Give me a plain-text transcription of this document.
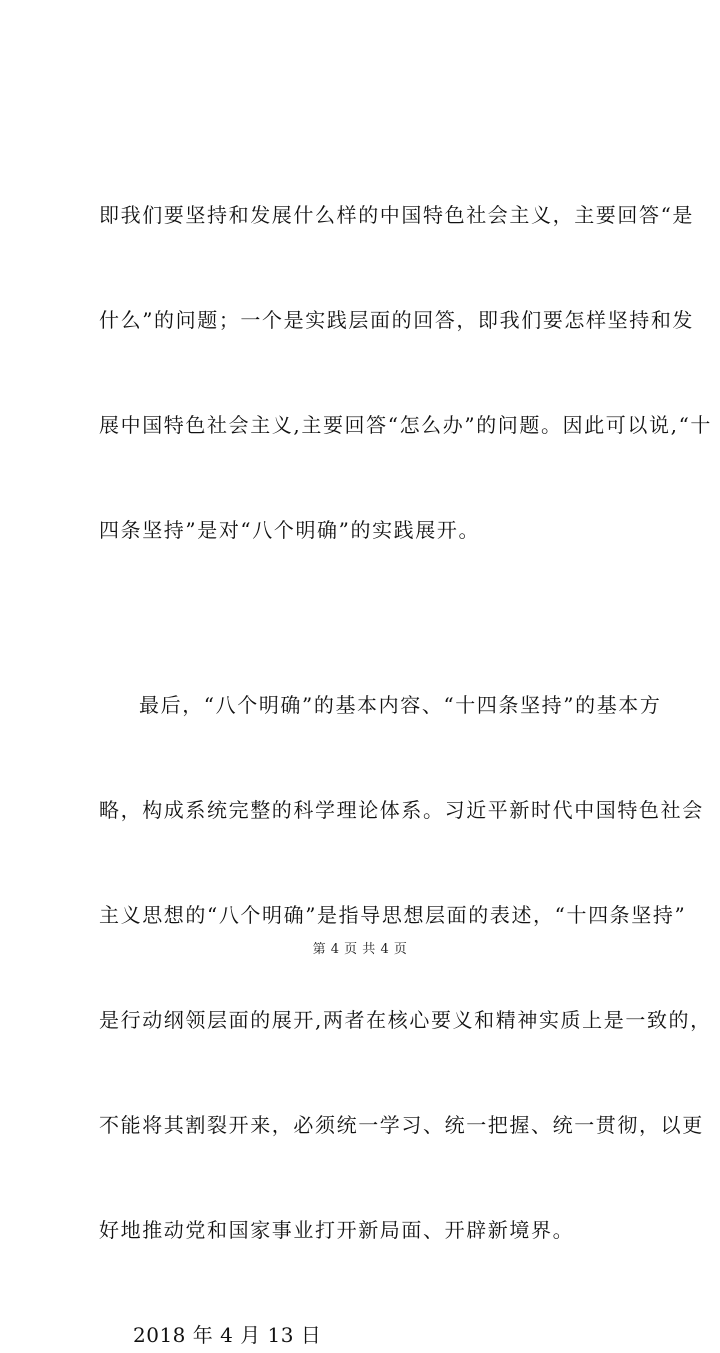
即我们要坚持和发展什么样的中国特色社会主义，主要回答“是

什么”的问题；一个是实践层面的回答，即我们要怎样坚持和发

展中国特色社会主义,主要回答“怎么办”的问题。因此可以说,“十

四条坚持”是对“八个明确”的实践展开。

最后，“八个明确”的基本内容、“十四条坚持”的基本方

略，构成系统完整的科学理论体系。习近平新时代中国特色社会

主义思想的“八个明确”是指导思想层面的表述，“十四条坚持”

是行动纲领层面的展开,两者在核心要义和精神实质上是一致的，

不能将其割裂开来，必须统一学习、统一把握、统一贯彻，以更

好地推动党和国家事业打开新局面、开辟新境界。

2018 年 4 月 13 日

第 4 页 共 4 页
